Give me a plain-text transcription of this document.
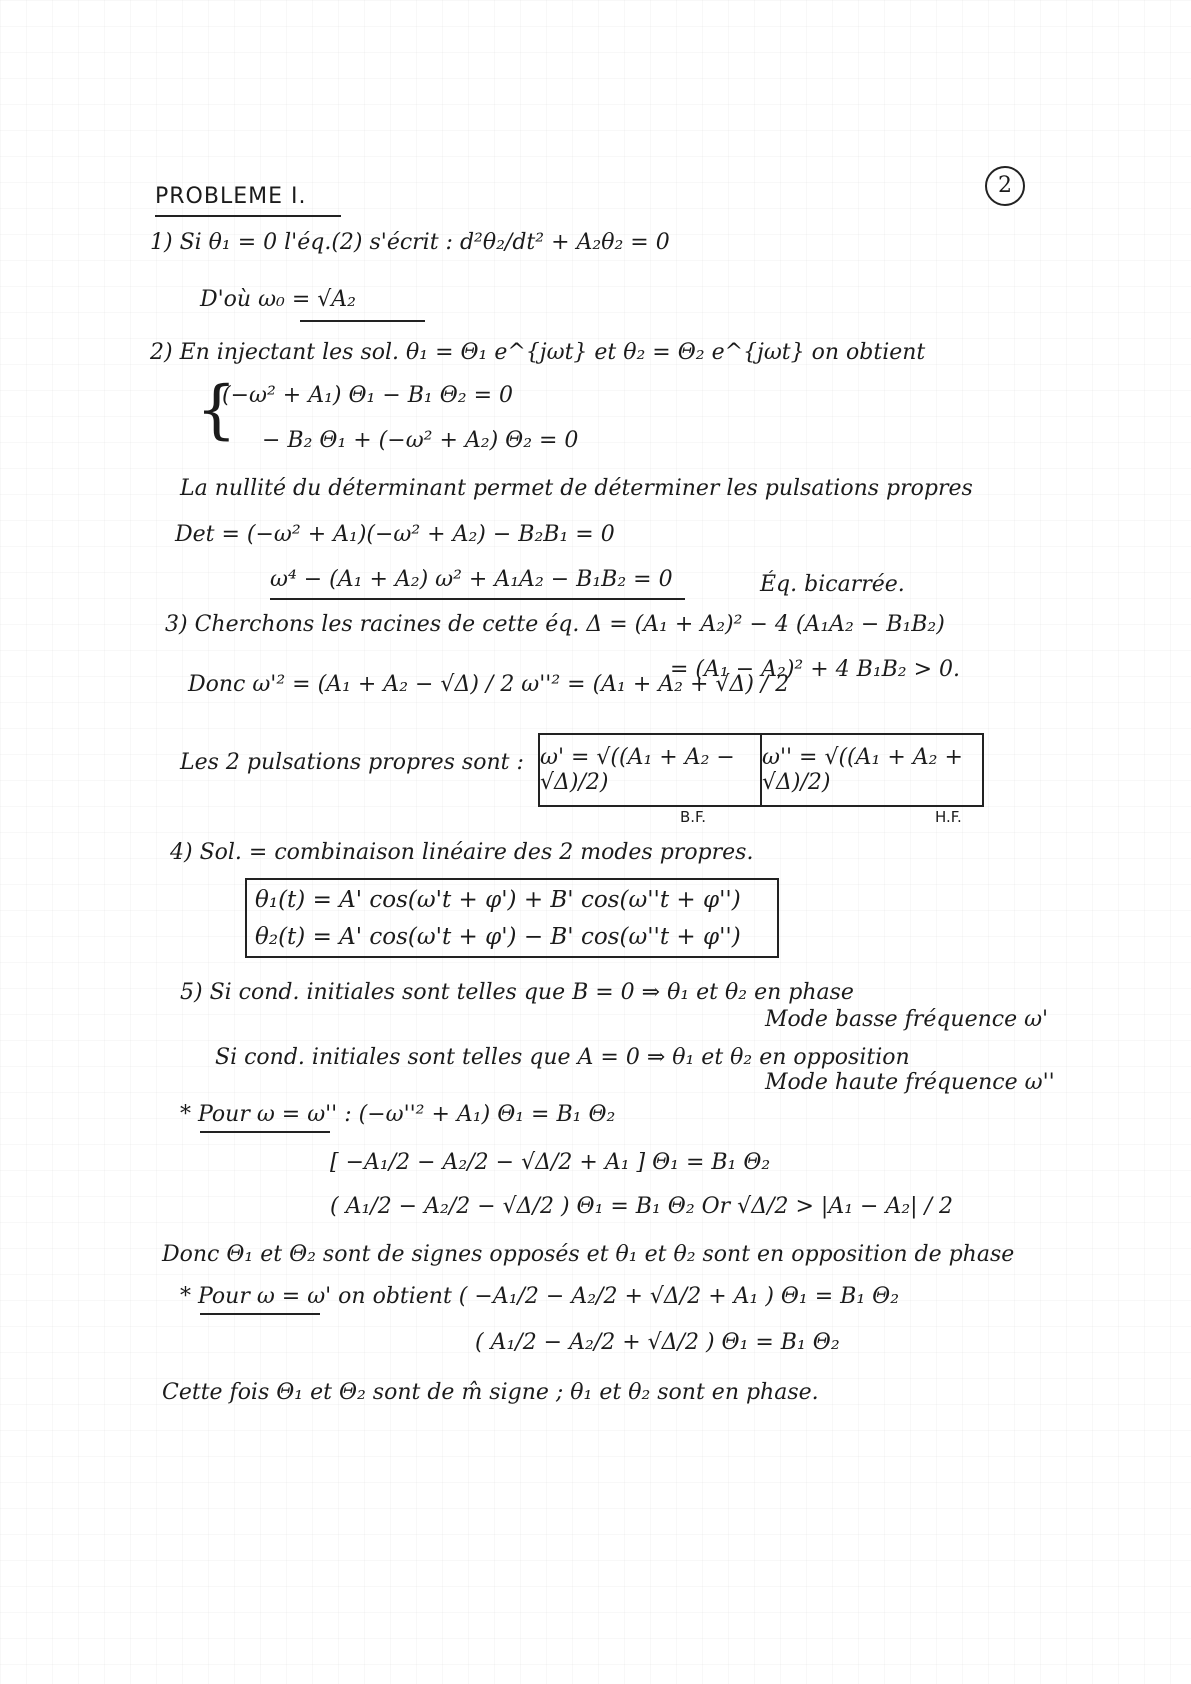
2
PROBLEME I.
1) Si θ₁ = 0 l'éq.(2) s'écrit : d²θ₂/dt² + A₂θ₂ = 0
D'où ω₀ = √A₂
2) En injectant les sol. θ₁ = Θ₁ e^{jωt} et θ₂ = Θ₂ e^{jωt} on obtient
{
(−ω² + A₁) Θ₁ − B₁ Θ₂ = 0
− B₂ Θ₁ + (−ω² + A₂) Θ₂ = 0
La nullité du déterminant permet de déterminer les pulsations propres
Det = (−ω² + A₁)(−ω² + A₂) − B₂B₁ = 0
ω⁴ − (A₁ + A₂) ω² + A₁A₂ − B₁B₂ = 0	Éq. bicarrée.
3) Cherchons les racines de cette éq. Δ = (A₁ + A₂)² − 4 (A₁A₂ − B₁B₂)
Donc ω'² = (A₁ + A₂ − √Δ) / 2 ω''² = (A₁ + A₂ + √Δ) / 2
= (A₁ − A₂)² + 4 B₁B₂ > 0.
Les 2 pulsations propres sont : ω' = √((A₁ + A₂ − √Δ)/2)
ω'' = √((A₁ + A₂ + √Δ)/2)
B.F.	H.F.
4) Sol. = combinaison linéaire des 2 modes propres.
θ₁(t) = A' cos(ω't + φ') + B' cos(ω''t + φ'')
θ₂(t) = A' cos(ω't + φ') − B' cos(ω''t + φ'')
5) Si cond. initiales sont telles que B = 0 ⇒ θ₁ et θ₂ en phase
Mode basse fréquence ω'
Si cond. initiales sont telles que A = 0 ⇒ θ₁ et θ₂ en opposition
Mode haute fréquence ω''
* Pour ω = ω'' : (−ω''² + A₁) Θ₁ = B₁ Θ₂
[ −A₁/2 − A₂/2 − √Δ/2 + A₁ ] Θ₁ = B₁ Θ₂
( A₁/2 − A₂/2 − √Δ/2 ) Θ₁ = B₁ Θ₂ Or √Δ/2 > |A₁ − A₂| / 2
Donc Θ₁ et Θ₂ sont de signes opposés et θ₁ et θ₂ sont en opposition de phase
* Pour ω = ω' on obtient ( −A₁/2 − A₂/2 + √Δ/2 + A₁ ) Θ₁ = B₁ Θ₂
( A₁/2 − A₂/2 + √Δ/2 ) Θ₁ = B₁ Θ₂
Cette fois Θ₁ et Θ₂ sont de m̂ signe ; θ₁ et θ₂ sont en phase.
